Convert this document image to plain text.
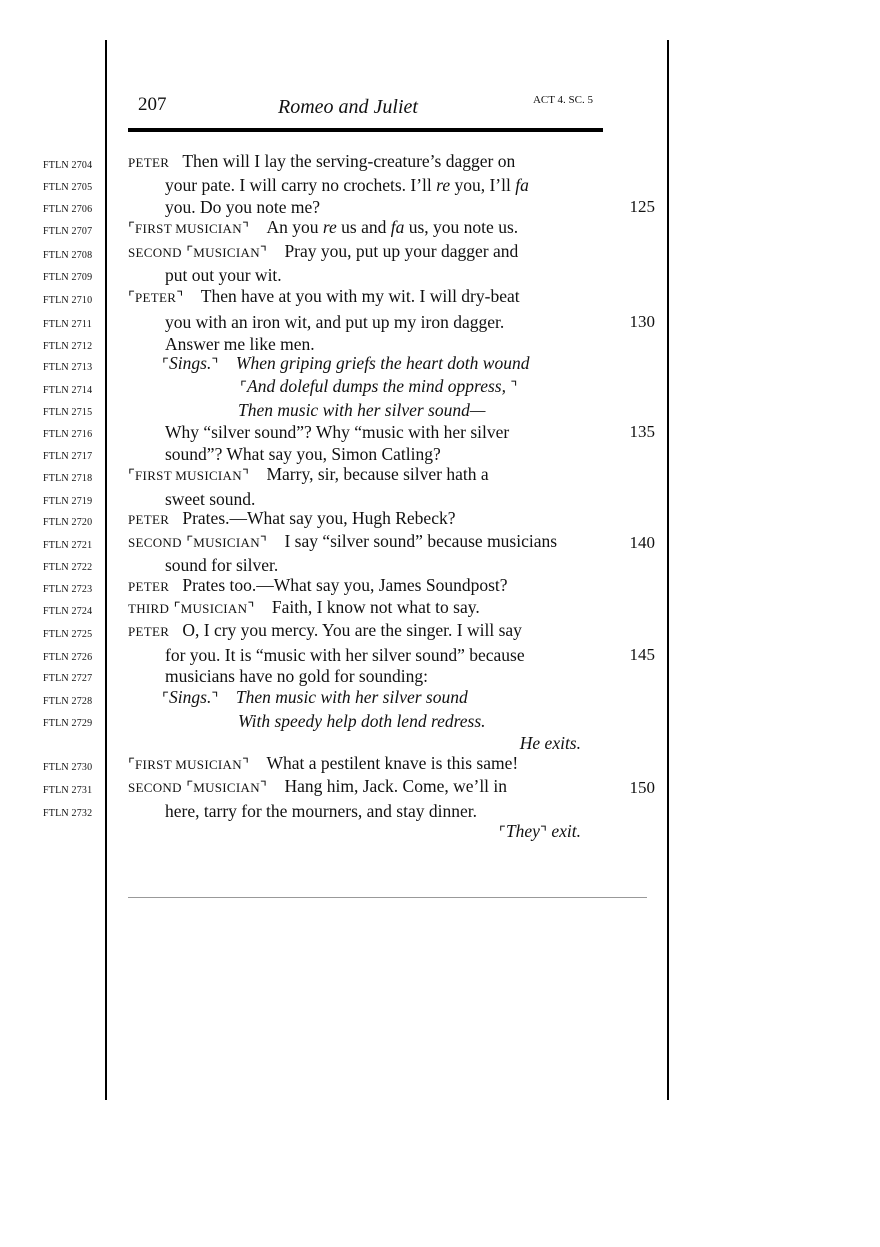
207	Romeo and Juliet	ACT 4. SC. 5
FTLN 2704	PETER Then will I lay the serving-creature’s dagger on
FTLN 2705	your pate. I will carry no crochets. I’ll re you, I’ll fa
FTLN 2706	you. Do you note me?	125
FTLN 2707 ⌜FIRST MUSICIAN⌝ An you re us and fa us, you note us.
FTLN 2708	SECOND ⌜MUSICIAN⌝ Pray you, put up your dagger and
FTLN 2709	put out your wit.
FTLN 2710 ⌜PETER⌝ Then have at you with my wit. I will dry-beat
FTLN 2711	you with an iron wit, and put up my iron dagger.	130
FTLN 2712	Answer me like men.
FTLN 2713	⌜Sings.⌝ When griping griefs the heart doth wound
FTLN 2714	⌜And doleful dumps the mind oppress, ⌝
FTLN 2715	Then music with her silver sound—
FTLN 2716	Why “silver sound”? Why “music with her silver	135
FTLN 2717	sound”? What say you, Simon Catling?
FTLN 2718 ⌜FIRST MUSICIAN⌝ Marry, sir, because silver hath a
FTLN 2719	sweet sound.
FTLN 2720	PETER Prates.—What say you, Hugh Rebeck?
FTLN 2721	SECOND ⌜MUSICIAN⌝ I say “silver sound” because musicians	140
FTLN 2722	sound for silver.
FTLN 2723	PETER Prates too.—What say you, James Soundpost?
FTLN 2724	THIRD ⌜MUSICIAN⌝ Faith, I know not what to say.
FTLN 2725	PETER O, I cry you mercy. You are the singer. I will say
FTLN 2726	for you. It is “music with her silver sound” because	145
FTLN 2727	musicians have no gold for sounding:
FTLN 2728	⌜Sings.⌝ Then music with her silver sound
FTLN 2729	With speedy help doth lend redress.
He exits.
FTLN 2730 ⌜FIRST MUSICIAN⌝ What a pestilent knave is this same!
FTLN 2731	SECOND ⌜MUSICIAN⌝ Hang him, Jack. Come, we’ll in	150
FTLN 2732	here, tarry for the mourners, and stay dinner.
⌜They⌝ exit.
